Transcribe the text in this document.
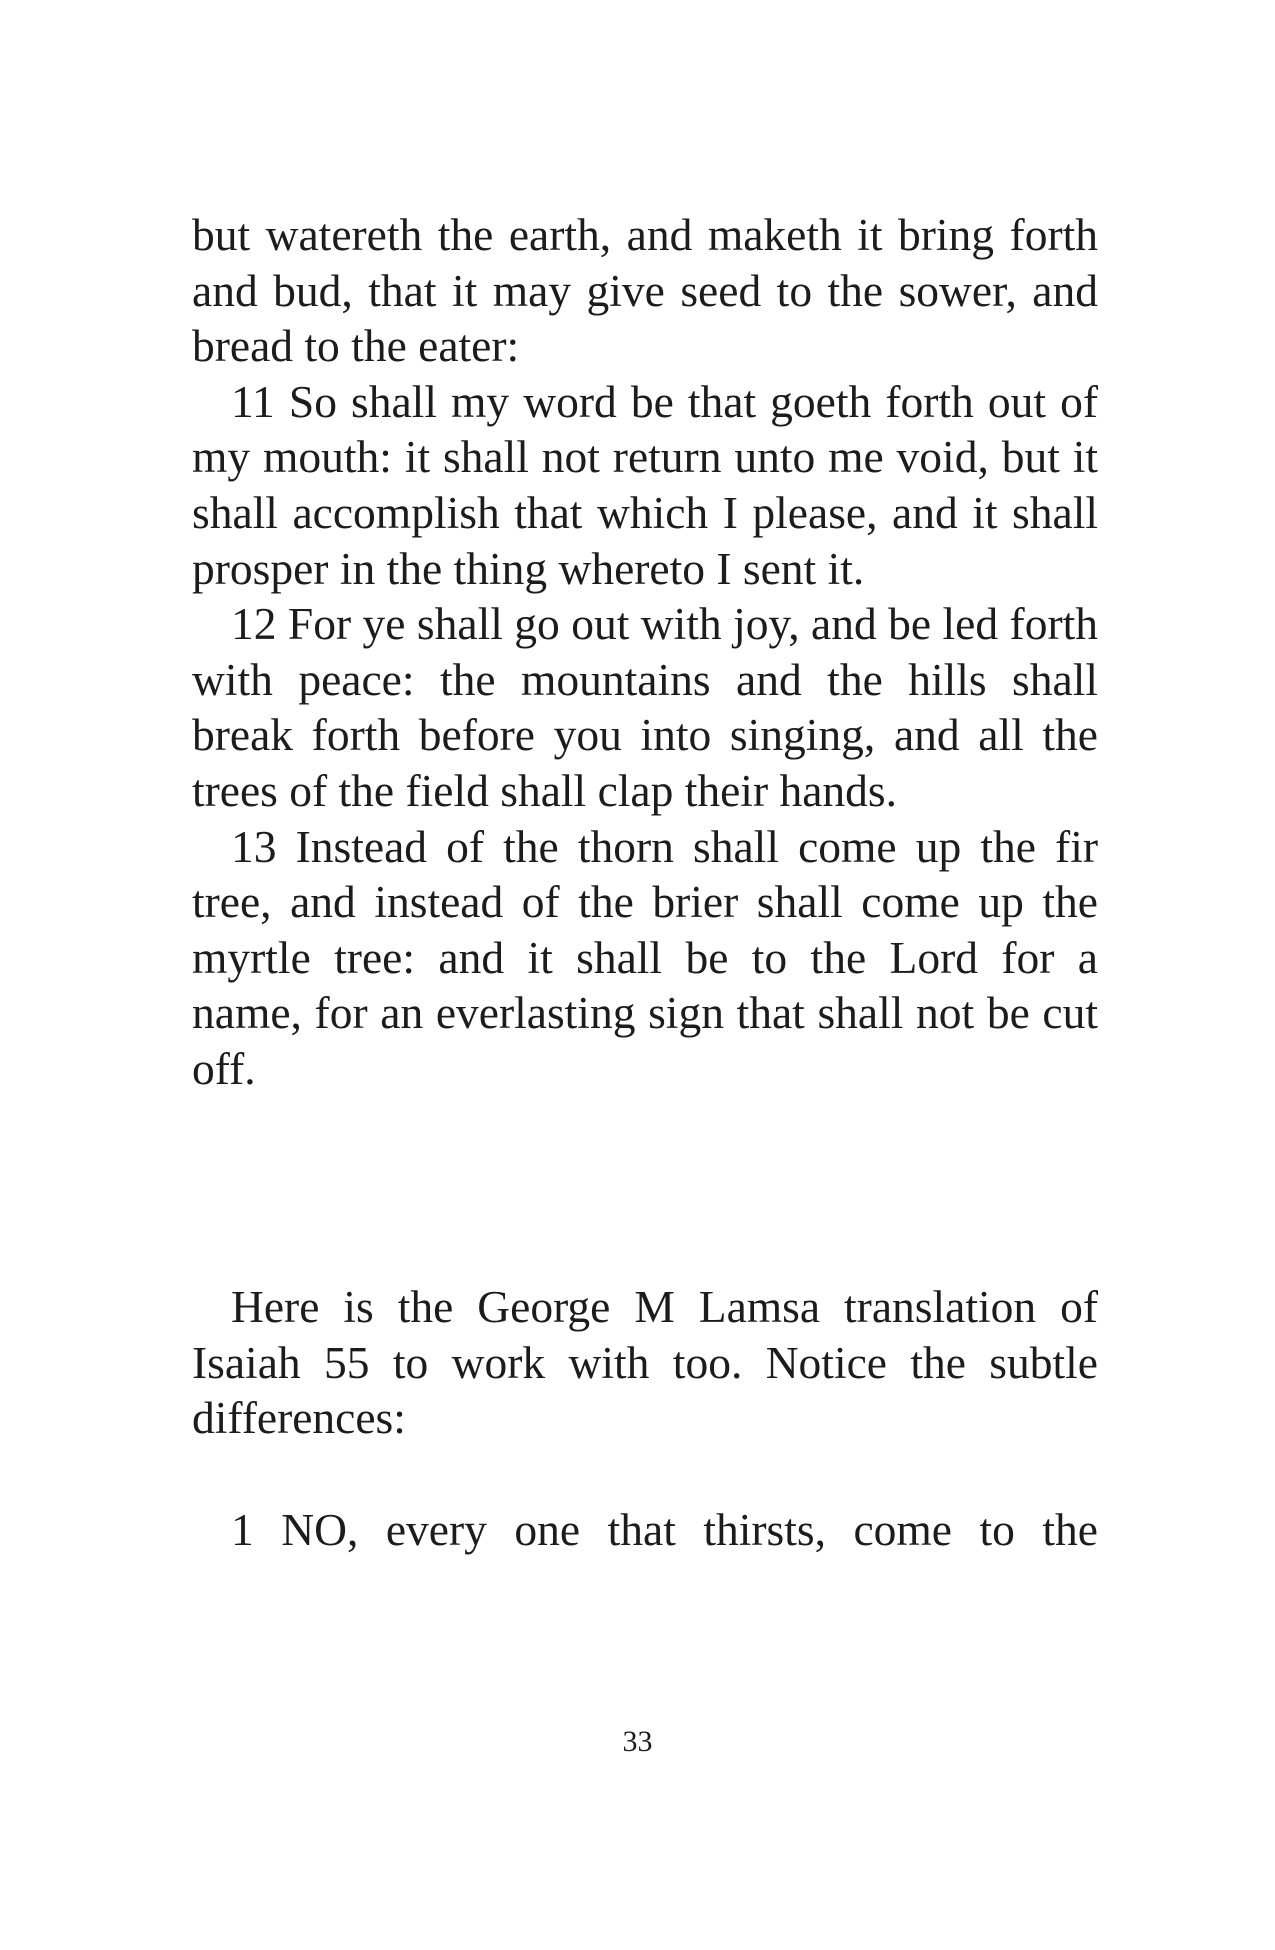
but watereth the earth, and maketh it bring forth and bud, that it may give seed to the sower, and bread to the eater:

11 So shall my word be that goeth forth out of my mouth: it shall not return unto me void, but it shall accomplish that which I please, and it shall prosper in the thing whereto I sent it.

12 For ye shall go out with joy, and be led forth with peace: the mountains and the hills shall break forth before you into singing, and all the trees of the field shall clap their hands.

13 Instead of the thorn shall come up the fir tree, and instead of the brier shall come up the myrtle tree: and it shall be to the Lord for a name, for an everlasting sign that shall not be cut off.

Here is the George M Lamsa translation of Isaiah 55 to work with too. Notice the subtle differences:

1 NO, every one that thirsts, come to the

33
